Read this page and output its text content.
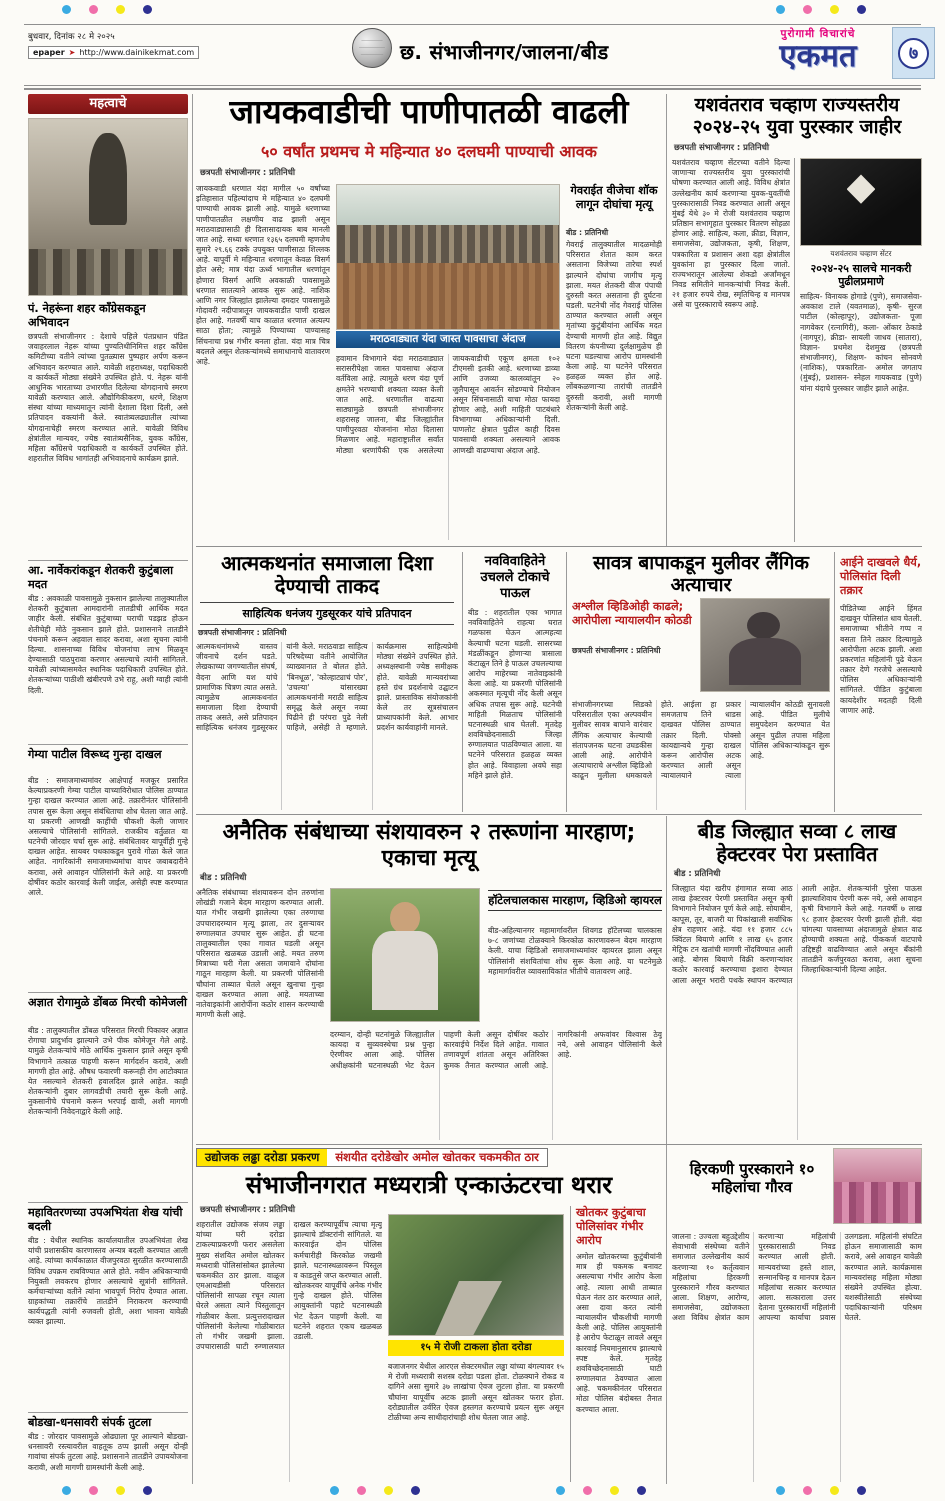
बुधवार, दिनांक २८ मे २०२५
epaper ➤ http://www.dainikekmat.com	छ. संभाजीनगर/जालना/बीड
पुरोगामी विचारांचे
एकमत	७
महत्वाचे
पं. नेहरूंना शहर काँग्रेसकडून अभिवादन
छत्रपती संभाजीनगर : देशाचे पहिले पंतप्रधान पंडित जवाहरलाल नेहरू यांच्या पुण्यतिथीनिमित्त शहर काँग्रेस कमिटीच्या वतीने त्यांच्या पुतळ्यास पुष्पहार अर्पण करून अभिवादन करण्यात आले. यावेळी शहराध्यक्ष, पदाधिकारी व कार्यकर्ते मोठ्या संख्येने उपस्थित होते. पं. नेहरू यांनी आधुनिक भारताच्या उभारणीत दिलेल्या योगदानाचे स्मरण यावेळी करण्यात आले. औद्योगिकीकरण, धरणे, शिक्षण संस्था यांच्या माध्यमातून त्यांनी देशाला दिशा दिली, असे प्रतिपादन वक्त्यांनी केले. स्वातंत्र्यलढ्यातील त्यांच्या योगदानाचेही स्मरण करण्यात आले. यावेळी विविध क्षेत्रांतील मान्यवर, ज्येष्ठ स्वातंत्र्यसैनिक, युवक काँग्रेस, महिला काँग्रेसचे पदाधिकारी व कार्यकर्ते उपस्थित होते. शहरातील विविध भागांतही अभिवादनाचे कार्यक्रम झाले.
आ. नार्वेकरांकडून शेतकरी कुटुंबाला मदत
बीड : अवकाळी पावसामुळे नुकसान झालेल्या तालुक्यातील शेतकरी कुटुंबाला आमदारांनी तातडीची आर्थिक मदत जाहीर केली. संबंधित कुटुंबाच्या घराची पडझड होऊन शेतीचेही मोठे नुकसान झाले होते. प्रशासनाने तातडीने पंचनामे करून अहवाल सादर करावा, अशा सूचना त्यांनी दिल्या. शासनाच्या विविध योजनांचा लाभ मिळवून देण्यासाठी पाठपुरावा करणार असल्याचे त्यांनी सांगितले. यावेळी त्यांच्यासमवेत स्थानिक पदाधिकारी उपस्थित होते. शेतकऱ्यांच्या पाठीशी खंबीरपणे उभे राहू, अशी ग्वाही त्यांनी दिली.
गेम्या पाटील विरूध्द गुन्हा दाखल
बीड : समाजमाध्यमांवर आक्षेपार्ह मजकूर प्रसारित केल्याप्रकरणी गेम्या पाटील याच्याविरोधात पोलिस ठाण्यात गुन्हा दाखल करण्यात आला आहे. तक्रारीनंतर पोलिसांनी तपास सुरू केला असून संबंधिताचा शोध घेतला जात आहे. या प्रकरणी आणखी काहींची चौकशी केली जाणार असल्याचे पोलिसांनी सांगितले. राजकीय वर्तुळात या घटनेची जोरदार चर्चा सुरू आहे. संबंधितावर यापूर्वीही गुन्हे दाखल आहेत. सायबर पथकाकडून पुरावे गोळा केले जात आहेत. नागरिकांनी समाजमाध्यमांचा वापर जबाबदारीने करावा, असे आवाहन पोलिसांनी केले आहे. या प्रकरणी दोषींवर कठोर कारवाई केली जाईल, असेही स्पष्ट करण्यात आले.
अज्ञात रोगामुळे डोंबळ मिरची कोमेजली
बीड : तालुक्यातील डोंबळ परिसरात मिरची पिकावर अज्ञात रोगाचा प्रादुर्भाव झाल्याने उभे पीक कोमेजून गेले आहे. यामुळे शेतकऱ्यांचे मोठे आर्थिक नुकसान झाले असून कृषी विभागाने तत्काळ पाहणी करून मार्गदर्शन करावे, अशी मागणी होत आहे. औषध फवारणी करूनही रोग आटोक्यात येत नसल्याने शेतकरी हवालदिल झाले आहेत. काही शेतकऱ्यांनी दुबार लागवडीची तयारी सुरू केली आहे. नुकसानीचे पंचनामे करून भरपाई द्यावी, अशी मागणी शेतकऱ्यांनी निवेदनाद्वारे केली आहे.
महावितरणच्या उपअभियंता शेख यांची बदली
बीड : येथील स्थानिक कार्यालयातील उपअभियंता शेख यांची प्रशासकीय कारणास्तव अन्यत्र बदली करण्यात आली आहे. त्यांच्या कार्यकाळात वीजपुरवठा सुरळीत करण्यासाठी विविध उपक्रम राबविण्यात आले होते. नवीन अधिकाऱ्याची नियुक्ती लवकरच होणार असल्याचे सूत्रांनी सांगितले. कर्मचाऱ्यांच्या वतीने त्यांना भावपूर्ण निरोप देण्यात आला. ग्राहकांच्या तक्रारींचे तातडीने निराकरण करण्याची कार्यपद्धती त्यांनी रुजवली होती, अशा भावना यावेळी व्यक्त झाल्या.
बोडखा-धनसावरी संपर्क तुटला
बीड : जोरदार पावसामुळे ओढ्याला पूर आल्याने बोडखा-धनसावरी रस्त्यावरील वाहतूक ठप्प झाली असून दोन्ही गावांचा संपर्क तुटला आहे. प्रशासनाने तातडीने उपाययोजना करावी, अशी मागणी ग्रामस्थांनी केली आहे.
जायकवाडीची पाणीपातळी वाढली
५० वर्षांत प्रथमच मे महिन्यात ४० दलघमी पाण्याची आवक
छत्रपती संभाजीनगर : प्रतिनिधी
जायकवाडी धरणात यंदा मागील ५० वर्षांच्या इतिहासात पहिल्यांदाच मे महिन्यात ४० दलघमी पाण्याची आवक झाली आहे. यामुळे धरणाच्या पाणीपातळीत लक्षणीय वाढ झाली असून मराठवाड्यासाठी ही दिलासादायक बाब मानली जात आहे. सध्या धरणात १३६५ दलघमी म्हणजेच सुमारे २९.६६ टक्के उपयुक्त पाणीसाठा शिल्लक आहे. यापूर्वी मे महिन्यात धरणातून केवळ विसर्ग होत असे; मात्र यंदा ऊर्ध्व भागातील धरणांतून होणारा विसर्ग आणि अवकाळी पावसामुळे धरणात सातत्याने आवक सुरू आहे. नाशिक आणि नगर जिल्ह्यांत झालेल्या दमदार पावसामुळे गोदावरी नदीपात्रातून जायकवाडीत पाणी दाखल होत आहे. गतवर्षी याच काळात धरणात अत्यल्प साठा होता; त्यामुळे पिण्याच्या पाण्यासह सिंचनाचा प्रश्न गंभीर बनला होता. यंदा मात्र चित्र बदलले असून शेतकऱ्यांमध्ये समाधानाचे वातावरण आहे.
मराठवाड्यात यंदा जास्त पावसाचा अंदाज
हवामान विभागाने यंदा मराठवाड्यात सरासरीपेक्षा जास्त पावसाचा अंदाज वर्तविला आहे. त्यामुळे धरण यंदा पूर्ण क्षमतेने भरण्याची शक्यता व्यक्त केली जात आहे. धरणातील वाढत्या साठ्यामुळे छत्रपती संभाजीनगर शहरासह जालना, बीड जिल्ह्यांतील पाणीपुरवठा योजनांना मोठा दिलासा मिळणार आहे. महाराष्ट्रातील सर्वांत मोठ्या धरणांपैकी एक असलेल्या जायकवाडीची एकूण क्षमता १०२ टीएमसी इतकी आहे. धरणाच्या डाव्या आणि उजव्या कालव्यांतून २० जुलैपासून आवर्तन सोडण्याचे नियोजन असून सिंचनासाठी याचा मोठा फायदा होणार आहे, अशी माहिती पाटबंधारे विभागाच्या अधिकाऱ्यांनी दिली. पाणलोट क्षेत्रात पुढील काही दिवस पावसाची शक्यता असल्याने आवक आणखी वाढण्याचा अंदाज आहे.
गेवराईत वीजेचा शॉक लागून दोघांचा मृत्यू
बीड : प्रतिनिधी
गेवराई तालुक्यातील मादळमोही परिसरात शेतात काम करत असताना विजेच्या तारेचा स्पर्श झाल्याने दोघांचा जागीच मृत्यू झाला. मयत शेतकरी वीज पंपाची दुरुस्ती करत असताना ही दुर्घटना घडली. घटनेची नोंद गेवराई पोलिस ठाण्यात करण्यात आली असून मृतांच्या कुटुंबीयांना आर्थिक मदत देण्याची मागणी होत आहे. विद्युत वितरण कंपनीच्या दुर्लक्षामुळेच ही घटना घडल्याचा आरोप ग्रामस्थांनी केला आहे. या घटनेने परिसरात हळहळ व्यक्त होत आहे. लोंबकळणाऱ्या तारांची तातडीने दुरुस्ती करावी, अशी मागणी शेतकऱ्यांनी केली आहे.
यशवंतराव चव्हाण राज्यस्तरीय २०२४-२५ युवा पुरस्कार जाहीर
छत्रपती संभाजीनगर : प्रतिनिधी
यशवंतराव चव्हाण सेंटरच्या वतीने दिल्या जाणाऱ्या राज्यस्तरीय युवा पुरस्कारांची घोषणा करण्यात आली आहे. विविध क्षेत्रांत उल्लेखनीय कार्य करणाऱ्या युवक-युवतींची पुरस्कारासाठी निवड करण्यात आली असून मुंबई येथे ३० मे रोजी यशवंतराव चव्हाण प्रतिष्ठान सभागृहात पुरस्कार वितरण सोहळा होणार आहे. साहित्य, कला, क्रीडा, विज्ञान, समाजसेवा, उद्योजकता, कृषी, शिक्षण, पत्रकारिता व प्रशासन अशा दहा क्षेत्रांतील युवकांना हा पुरस्कार दिला जातो. राज्यभरातून आलेल्या शेकडो अर्जांमधून निवड समितीने मानकऱ्यांची निवड केली. २१ हजार रुपये रोख, स्मृतिचिन्ह व मानपत्र असे या पुरस्काराचे स्वरूप आहे.
यशवंतराव चव्हाण सेंटर
२०२४-२५ सालचे मानकरी पुढीलप्रमाणे
साहित्य- विनायक होगाडे (पुणे), समाजसेवा- अवकाश टाले (यवतमाळ), कृषी- सुरज पाटील (कोल्हापूर), उद्योजकता- पूजा नागवेकर (रत्नागिरी), कला- ओंकार ठेकाडे (नागपूर), क्रीडा- सायली जाधव (सातारा), विज्ञान- प्रथमेश देशमुख (छत्रपती संभाजीनगर), शिक्षण- कांचन सोनवणे (नाशिक), पत्रकारिता- अमोल जगताप (मुंबई), प्रशासन- स्नेहल गायकवाड (पुणे) यांना यंदाचे पुरस्कार जाहीर झाले आहेत.
आत्मकथनांत समाजाला दिशा देण्याची ताकद
साहित्यिक धनंजय गुडसूरकर यांचे प्रतिपादन
छत्रपती संभाजीनगर : प्रतिनिधी
आत्मकथनांमध्ये वास्तव जीवनाचे दर्शन घडते. लेखकाच्या जगण्यातील संघर्ष, वेदना आणि यश यांचे प्रामाणिक चित्रण त्यात असते. त्यामुळेच आत्मकथनांत समाजाला दिशा देण्याची ताकद असते, असे प्रतिपादन साहित्यिक धनंजय गुडसूरकर यांनी केले. मराठवाडा साहित्य परिषदेच्या वतीने आयोजित व्याख्यानात ते बोलत होते. 'बिनधूळ', 'कोल्हाट्याचं पोर', 'उचल्या' यांसारख्या आत्मकथनांनी मराठी साहित्य समृद्ध केले असून नव्या पिढीने ही परंपरा पुढे नेली पाहिजे, असेही ते म्हणाले. कार्यक्रमास साहित्यप्रेमी मोठ्या संख्येने उपस्थित होते. अध्यक्षस्थानी ज्येष्ठ समीक्षक होते. यावेळी मान्यवरांच्या हस्ते ग्रंथ प्रदर्शनाचे उद्घाटन झाले. प्रास्ताविक संयोजकांनी केले तर सूत्रसंचालन प्राध्यापकांनी केले. आभार प्रदर्शन कार्यवाहांनी मानले.
नवविवाहितेने उचलले टोकाचे पाऊल
बीड : शहरातील एका भागात नवविवाहितेने राहत्या घरात गळफास घेऊन आत्महत्या केल्याची घटना घडली. सासरच्या मंडळींकडून होणाऱ्या त्रासाला कंटाळून तिने हे पाऊल उचलल्याचा आरोप माहेरच्या नातेवाइकांनी केला आहे. या प्रकरणी पोलिसांनी अकस्मात मृत्यूची नोंद केली असून अधिक तपास सुरू आहे. घटनेची माहिती मिळताच पोलिसांनी घटनास्थळी धाव घेतली. मृतदेह शवविच्छेदनासाठी जिल्हा रुग्णालयात पाठविण्यात आला. या घटनेने परिसरात हळहळ व्यक्त होत आहे. विवाहाला अवघे सहा महिने झाले होते.
सावत्र बापाकडून मुलीवर लैंगिक अत्याचार
अश्लील व्हिडिओही काढले; आरोपीला न्यायालयीन कोठडी
छत्रपती संभाजीनगर : प्रतिनिधी
संभाजीनगरच्या सिडको परिसरातील एका अल्पवयीन मुलीवर सावत्र बापाने वारंवार लैंगिक अत्याचार केल्याची संतापजनक घटना उघडकीस आली आहे. आरोपीने अत्याचाराचे अश्लील व्हिडिओ काढून मुलीला धमकावले होते. आईला हा प्रकार समजताच तिने धाडस दाखवत पोलिस ठाण्यात तक्रार दिली. पोक्सो कायद्यान्वये गुन्हा दाखल करून आरोपीस अटक करण्यात आली असून न्यायालयाने त्याला न्यायालयीन कोठडी सुनावली आहे. पीडित मुलीचे समुपदेशन करण्यात येत असून पुढील तपास महिला पोलिस अधिकाऱ्यांकडून सुरू आहे.
आईने दाखवले धैर्य, पोलिसांत दिली तक्रार
पीडितेच्या आईने हिंमत दाखवून पोलिसांत धाव घेतली. समाजाच्या भीतीने गप्प न बसता तिने तक्रार दिल्यामुळे आरोपीला अटक झाली. अशा प्रकरणांत महिलांनी पुढे येऊन तक्रार देणे गरजेचे असल्याचे पोलिस अधिकाऱ्यांनी सांगितले. पीडित कुटुंबाला कायदेशीर मदतही दिली जाणार आहे.
अनैतिक संबंधाच्या संशयावरुन २ तरूणांना मारहाण; एकाचा मृत्यू
बीड : प्रतिनिधी
अनैतिक संबंधाच्या संशयावरून दोन तरुणांना लोखंडी गजाने बेदम मारहाण करण्यात आली. यात गंभीर जखमी झालेल्या एका तरुणाचा उपचारादरम्यान मृत्यू झाला, तर दुसऱ्यावर रुग्णालयात उपचार सुरू आहेत. ही घटना तालुक्यातील एका गावात घडली असून परिसरात खळबळ उडाली आहे. मयत तरुण मित्राच्या घरी गेला असता जमावाने दोघांना गाठून मारहाण केली. या प्रकरणी पोलिसांनी चौघांना ताब्यात घेतले असून खुनाचा गुन्हा दाखल करण्यात आला आहे. मयताच्या नातेवाइकांनी आरोपींना कठोर शासन करण्याची मागणी केली आहे.
हॉटेलचालकास मारहाण, व्हिडिओ व्हायरल
बीड-अहिल्यानगर महामार्गावरील शिवगड हॉटेलच्या चालकास ७-८ जणांच्या टोळक्याने किरकोळ कारणावरून बेदम मारहाण केली. याचा व्हिडिओ समाजमाध्यमांवर व्हायरल झाला असून पोलिसांनी संशयितांचा शोध सुरू केला आहे. या घटनेमुळे महामार्गावरील व्यावसायिकांत भीतीचे वातावरण आहे.
दरम्यान, दोन्ही घटनांमुळे जिल्ह्यातील कायदा व सुव्यवस्थेचा प्रश्न पुन्हा ऐरणीवर आला आहे. पोलिस अधीक्षकांनी घटनास्थळी भेट देऊन पाहणी केली असून दोषींवर कठोर कारवाईचे निर्देश दिले आहेत. गावात तणावपूर्ण शांतता असून अतिरिक्त कुमक तैनात करण्यात आली आहे. नागरिकांनी अफवांवर विश्वास ठेवू नये, असे आवाहन पोलिसांनी केले आहे.
बीड जिल्ह्यात सव्वा ८ लाख हेक्टरवर पेरा प्रस्तावित
बीड : प्रतिनिधी
जिल्ह्यात यंदा खरीप हंगामात सव्वा आठ लाख हेक्टरवर पेरणी प्रस्तावित असून कृषी विभागाने नियोजन पूर्ण केले आहे. सोयाबीन, कापूस, तूर, बाजरी या पिकांखाली सर्वाधिक क्षेत्र राहणार आहे. यंदा ११ हजार ८८५ क्विंटल बियाणे आणि १ लाख ६५ हजार मेट्रिक टन खतांची मागणी नोंदविण्यात आली आहे. बोगस बियाणे विक्री करणाऱ्यांवर कठोर कारवाई करण्याचा इशारा देण्यात आला असून भरारी पथके स्थापन करण्यात आली आहेत. शेतकऱ्यांनी पुरेसा पाऊस झाल्याशिवाय पेरणी करू नये, असे आवाहन कृषी विभागाने केले आहे. गतवर्षी ७ लाख ९८ हजार हेक्टरवर पेरणी झाली होती. यंदा चांगल्या पावसाच्या अंदाजामुळे क्षेत्रात वाढ होण्याची शक्यता आहे. पीककर्ज वाटपाचे उद्दिष्टही वाढविण्यात आले असून बँकांनी तातडीने कर्जपुरवठा करावा, अशा सूचना जिल्हाधिकाऱ्यांनी दिल्या आहेत.
उद्योजक लढ्ढा दरोडा प्रकरण	संशयीत दरोडेखोर अमोल खोतकर चकमकीत ठार
संभाजीनगरात मध्यरात्री एन्काऊंटरचा थरार
छत्रपती संभाजीनगर : प्रतिनिधी
शहरातील उद्योजक संजय लढ्ढा यांच्या घरी दरोडा टाकल्याप्रकरणी फरार असलेला मुख्य संशयित अमोल खोतकर मध्यरात्री पोलिसांसोबत झालेल्या चकमकीत ठार झाला. वाळूज एमआयडीसी परिसरात पोलिसांनी सापळा रचून त्याला घेरले असता त्याने पिस्तुलातून गोळीबार केला. प्रत्युत्तरादाखल पोलिसांनी केलेल्या गोळीबारात तो गंभीर जखमी झाला. उपचारासाठी घाटी रुग्णालयात दाखल करण्यापूर्वीच त्याचा मृत्यू झाल्याचे डॉक्टरांनी सांगितले. या कारवाईत दोन पोलिस कर्मचारीही किरकोळ जखमी झाले. घटनास्थळावरून पिस्तूल व काडतुसे जप्त करण्यात आली. खोतकरवर यापूर्वीचे अनेक गंभीर गुन्हे दाखल होते. पोलिस आयुक्तांनी पहाटे घटनास्थळी भेट देऊन पाहणी केली. या घटनेने शहरात एकच खळबळ उडाली.
१५ मे रोजी टाकला होता दरोडा
बजाजनगर येथील आरएल सेक्टरमधील लढ्ढा यांच्या बंगल्यावर १५ मे रोजी मध्यरात्री सशस्त्र दरोडा पडला होता. टोळक्याने रोकड व दागिने असा सुमारे ३७ लाखांचा ऐवज लुटला होता. या प्रकरणी चौघांना यापूर्वीच अटक झाली असून खोतकर फरार होता. दरोड्यातील उर्वरित ऐवज हस्तगत करण्याचे प्रयत्न सुरू असून टोळीच्या अन्य साथीदारांचाही शोध घेतला जात आहे.
खोतकर कुटुंबाचा पोलिसांवर गंभीर आरोप
अमोल खोतकरच्या कुटुंबीयांनी मात्र ही चकमक बनावट असल्याचा गंभीर आरोप केला आहे. त्याला आधी ताब्यात घेऊन नंतर ठार करण्यात आले, असा दावा करत त्यांनी न्यायालयीन चौकशीची मागणी केली आहे. पोलिस आयुक्तांनी हे आरोप फेटाळून लावले असून कारवाई नियमानुसारच झाल्याचे स्पष्ट केले. मृतदेह शवविच्छेदनासाठी घाटी रुग्णालयात ठेवण्यात आला आहे. चकमकीनंतर परिसरात मोठा पोलिस बंदोबस्त तैनात करण्यात आला.
हिरकणी पुरस्काराने १० महिलांचा गौरव
जालना : उज्वला बहुउद्देशीय सेवाभावी संस्थेच्या वतीने समाजात उल्लेखनीय कार्य करणाऱ्या १० कर्तृत्ववान महिलांचा हिरकणी पुरस्काराने गौरव करण्यात आला. शिक्षण, आरोग्य, समाजसेवा, उद्योजकता अशा विविध क्षेत्रांत काम करणाऱ्या महिलांची पुरस्कारासाठी निवड करण्यात आली होती. मान्यवरांच्या हस्ते शाल, सन्मानचिन्ह व मानपत्र देऊन महिलांचा सत्कार करण्यात आला. सत्काराला उत्तर देताना पुरस्कारार्थी महिलांनी आपल्या कार्याचा प्रवास उलगडला. महिलांनी संघटित होऊन समाजासाठी काम करावे, असे आवाहन यावेळी करण्यात आले. कार्यक्रमास मान्यवरांसह महिला मोठ्या संख्येने उपस्थित होत्या. यशस्वीतेसाठी संस्थेच्या पदाधिकाऱ्यांनी परिश्रम घेतले.
